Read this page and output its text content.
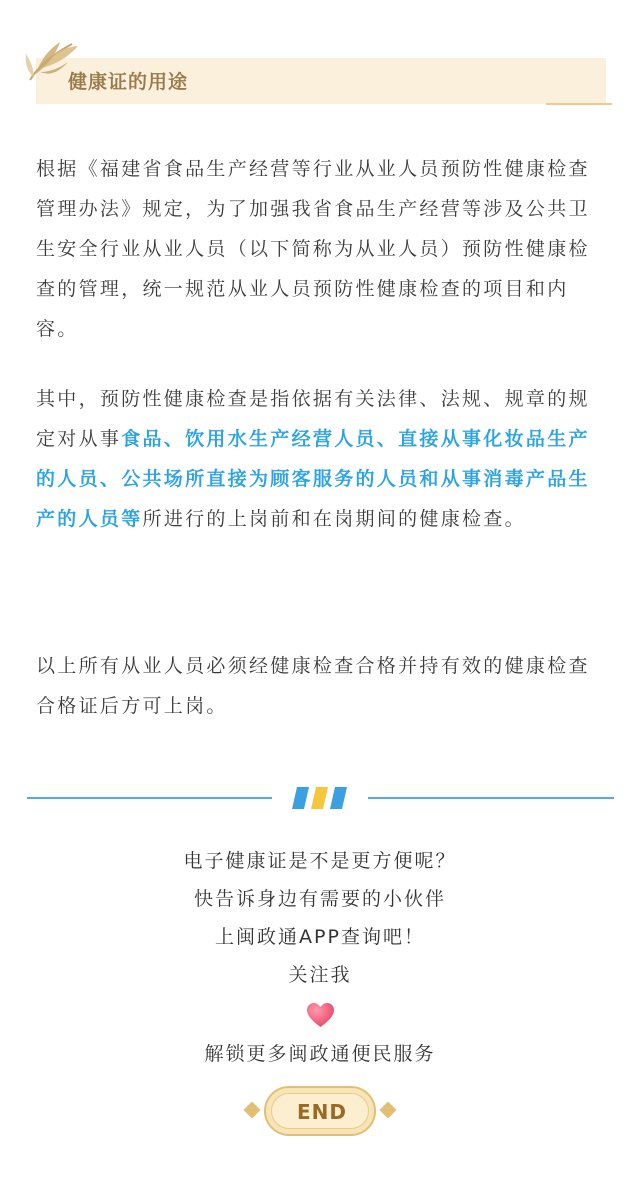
健康证的用途

根据《福建省食品生产经营等行业从业人员预防性健康检查管理办法》规定，为了加强我省食品生产经营等涉及公共卫生安全行业从业人员（以下简称为从业人员）预防性健康检查的管理，统一规范从业人员预防性健康检查的项目和内容。

其中，预防性健康检查是指依据有关法律、法规、规章的规定对从事食品、饮用水生产经营人员、直接从事化妆品生产的人员、公共场所直接为顾客服务的人员和从事消毒产品生产的人员等所进行的上岗前和在岗期间的健康检查。

以上所有从业人员必须经健康检查合格并持有效的健康检查合格证后方可上岗。

电子健康证是不是更方便呢？
快告诉身边有需要的小伙伴
上闽政通APP查询吧！
关注我
解锁更多闽政通便民服务
END
